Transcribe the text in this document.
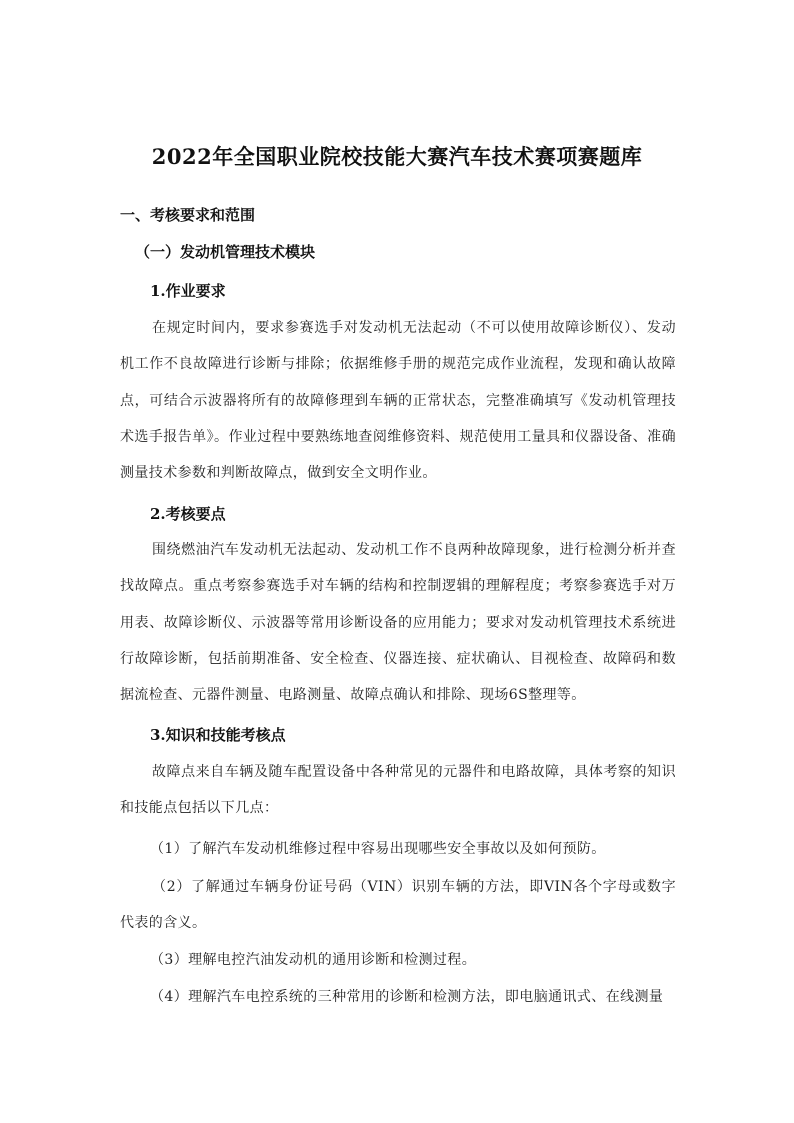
2022年全国职业院校技能大赛汽车技术赛项赛题库
一、考核要求和范围
（一）发动机管理技术模块
1.作业要求
在规定时间内，要求参赛选手对发动机无法起动（不可以使用故障诊断仪）、发动机工作不良故障进行诊断与排除；依据维修手册的规范完成作业流程，发现和确认故障点，可结合示波器将所有的故障修理到车辆的正常状态，完整准确填写《发动机管理技术选手报告单》。作业过程中要熟练地查阅维修资料、规范使用工量具和仪器设备、准确测量技术参数和判断故障点，做到安全文明作业。
2.考核要点
围绕燃油汽车发动机无法起动、发动机工作不良两种故障现象，进行检测分析并查找故障点。重点考察参赛选手对车辆的结构和控制逻辑的理解程度；考察参赛选手对万用表、故障诊断仪、示波器等常用诊断设备的应用能力；要求对发动机管理技术系统进行故障诊断，包括前期准备、安全检查、仪器连接、症状确认、目视检查、故障码和数据流检查、元器件测量、电路测量、故障点确认和排除、现场6S整理等。
3.知识和技能考核点
故障点来自车辆及随车配置设备中各种常见的元器件和电路故障，具体考察的知识和技能点包括以下几点：
（1）了解汽车发动机维修过程中容易出现哪些安全事故以及如何预防。
（2）了解通过车辆身份证号码（VIN）识别车辆的方法，即VIN各个字母或数字代表的含义。
（3）理解电控汽油发动机的通用诊断和检测过程。
（4）理解汽车电控系统的三种常用的诊断和检测方法，即电脑通讯式、在线测量
